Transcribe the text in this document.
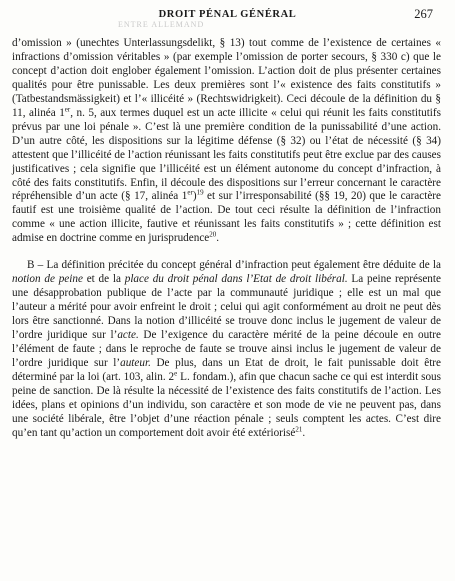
ENTRE ALLEMAND
DROIT PÉNAL GÉNÉRAL	267

d’omission » (unechtes Unterlassungsdelikt, § 13) tout comme de l’existence de certaines « infractions d’omission véritables » (par exemple l’omission de porter secours, § 330 c) que le concept d’action doit englober également l’omission. L’action doit de plus présenter certaines qualités pour être punissable. Les deux premières sont l’« existence des faits constitutifs » (Tatbestandsmässigkeit) et l’« illicéité » (Rechtswidrigkeit). Ceci découle de la définition du § 11, alinéa 1er, n. 5, aux termes duquel est un acte illicite « celui qui réunit les faits constitutifs prévus par une loi pénale ». C’est là une première condition de la punissabilité d’une action. D’un autre côté, les dispositions sur la légitime défense (§ 32) ou l’état de nécessité (§ 34) attestent que l’illicéité de l’action réunissant les faits constitutifs peut être exclue par des causes justificatives ; cela signifie que l’illicéité est un élément autonome du concept d’infraction, à côté des faits constitutifs. Enfin, il découle des dispositions sur l’erreur concernant le caractère répréhensible d’un acte (§ 17, alinéa 1er)$^{19}$ et sur l’irresponsabilité (§§ 19, 20) que le caractère fautif est une troisième qualité de l’action. De tout ceci résulte la définition de l’infraction comme « une action illicite, fautive et réunissant les faits constitutifs » ; cette définition est admise en doctrine comme en jurisprudence$^{20}$.

B – La définition précitée du concept général d’infraction peut également être déduite de la notion de peine et de la place du droit pénal dans l’Etat de droit libéral. La peine représente une désapprobation publique de l’acte par la communauté juridique ; elle est un mal que l’auteur a mérité pour avoir enfreint le droit ; celui qui agit conformément au droit ne peut dès lors être sanctionné. Dans la notion d’illicéité se trouve donc inclus le jugement de valeur de l’ordre juridique sur l’acte. De l’exigence du caractère mérité de la peine découle en outre l’élément de faute ; dans le reproche de faute se trouve ainsi inclus le jugement de valeur de l’ordre juridique sur l’auteur. De plus, dans un Etat de droit, le fait punissable doit être déterminé par la loi (art. 103, alin. 2e L. fondam.), afin que chacun sache ce qui est interdit sous peine de sanction. De là résulte la nécessité de l’existence des faits constitutifs de l’action. Les idées, plans et opinions d’un individu, son caractère et son mode de vie ne peuvent pas, dans une société libérale, être l’objet d’une réaction pénale ; seuls comptent les actes. C’est dire qu’en tant qu’action un comportement doit avoir été extériorisé$^{21}$.
